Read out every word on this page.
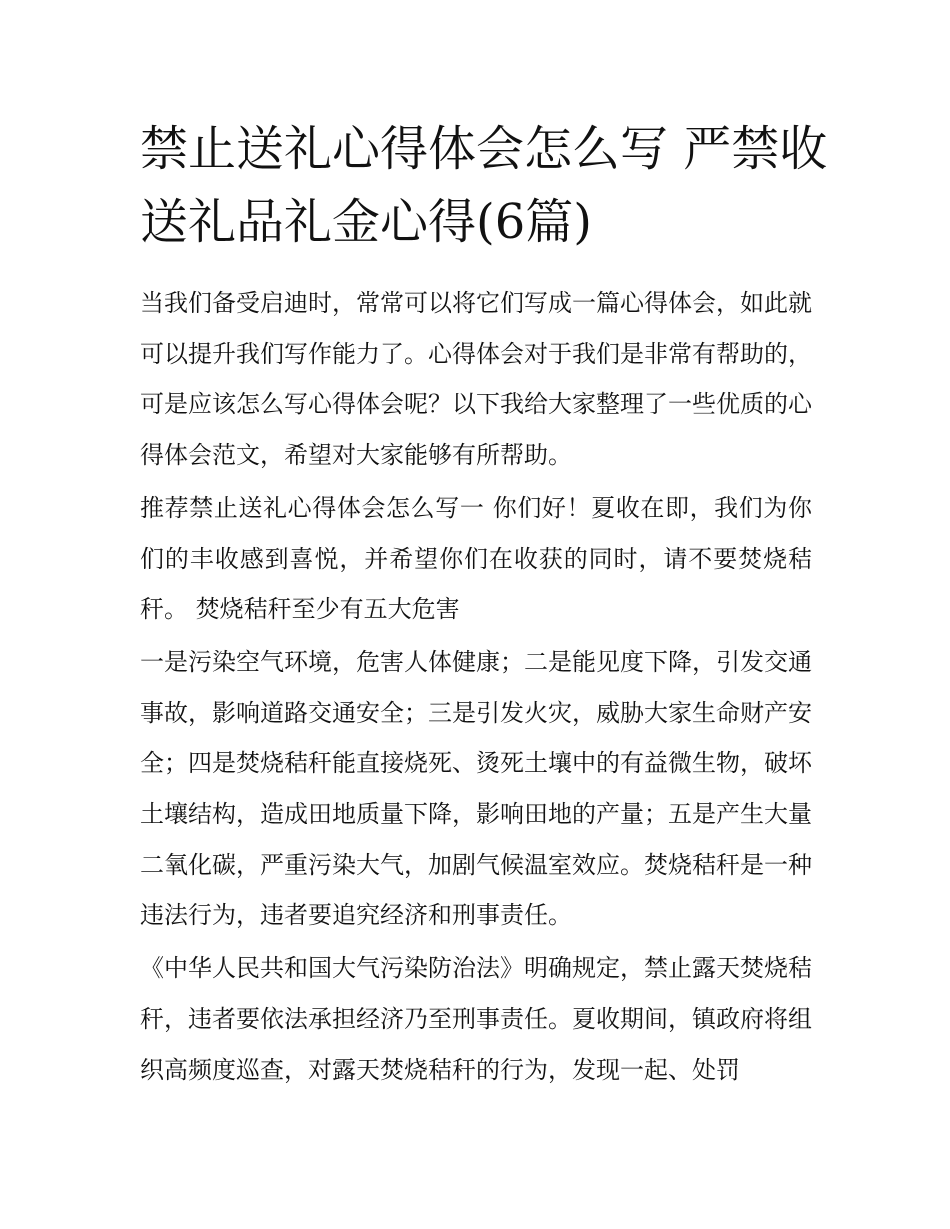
禁止送礼心得体会怎么写 严禁收送礼品礼金心得(6篇)

当我们备受启迪时，常常可以将它们写成一篇心得体会，如此就可以提升我们写作能力了。心得体会对于我们是非常有帮助的，可是应该怎么写心得体会呢？以下我给大家整理了一些优质的心得体会范文，希望对大家能够有所帮助。

推荐禁止送礼心得体会怎么写一 你们好！夏收在即，我们为你们的丰收感到喜悦，并希望你们在收获的同时，请不要焚烧秸秆。 焚烧秸秆至少有五大危害

一是污染空气环境，危害人体健康；二是能见度下降，引发交通事故，影响道路交通安全；三是引发火灾，威胁大家生命财产安全；四是焚烧秸秆能直接烧死、烫死土壤中的有益微生物，破坏土壤结构，造成田地质量下降，影响田地的产量；五是产生大量二氧化碳，严重污染大气，加剧气候温室效应。焚烧秸秆是一种违法行为，违者要追究经济和刑事责任。

《中华人民共和国大气污染防治法》明确规定，禁止露天焚烧秸秆，违者要依法承担经济乃至刑事责任。夏收期间，镇政府将组织高频度巡查，对露天焚烧秸秆的行为，发现一起、处罚
